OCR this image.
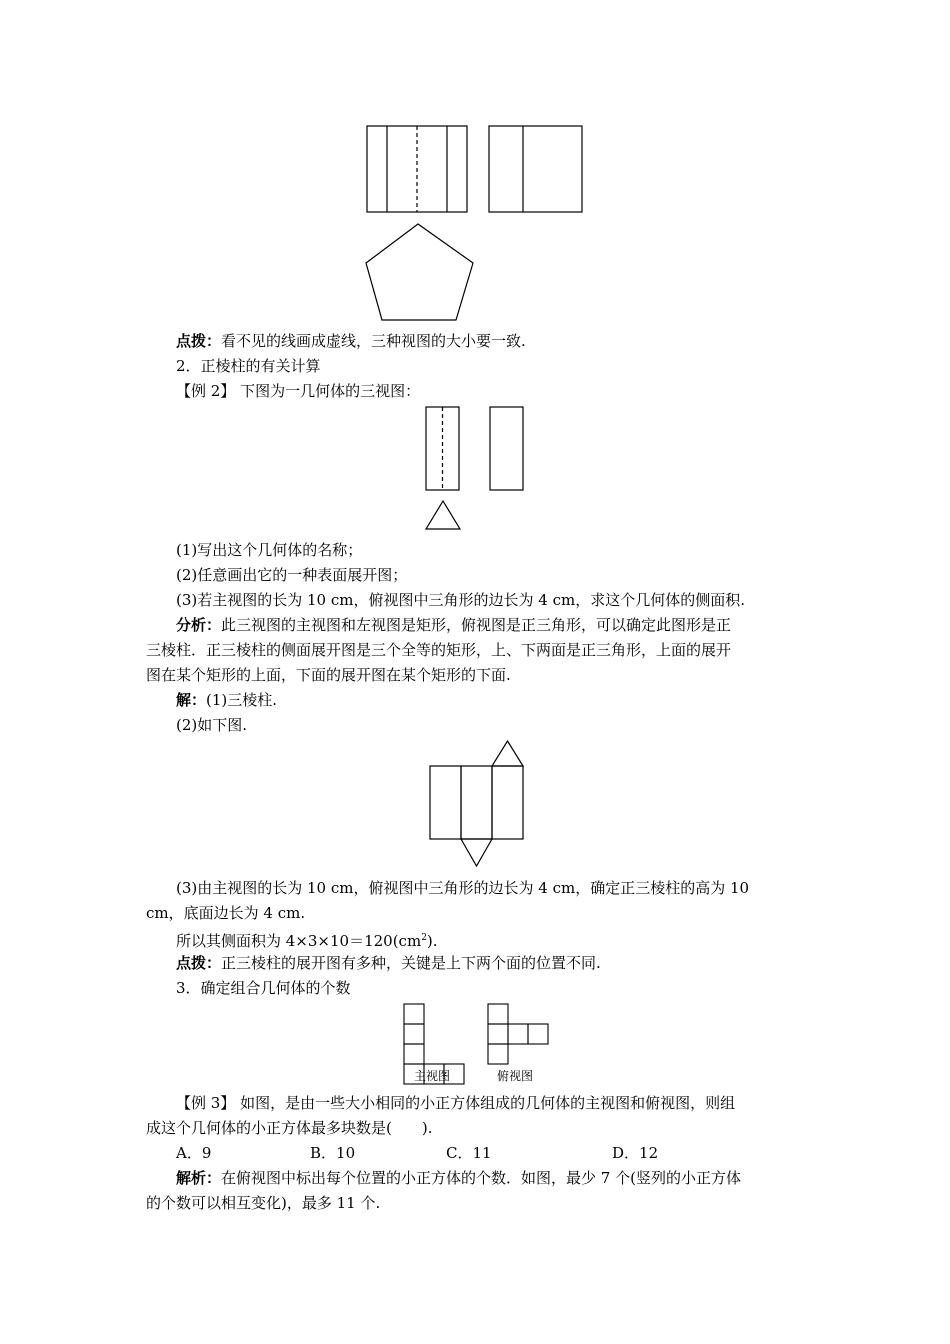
点拨：看不见的线画成虚线，三种视图的大小要一致.
2．正棱柱的有关计算
【例 2】 下图为一几何体的三视图：
(1)写出这个几何体的名称；
(2)任意画出它的一种表面展开图；
(3)若主视图的长为 10 cm，俯视图中三角形的边长为 4 cm，求这个几何体的侧面积.
分析：此三视图的主视图和左视图是矩形，俯视图是正三角形，可以确定此图形是正
三棱柱．正三棱柱的侧面展开图是三个全等的矩形，上、下两面是正三角形，上面的展开
图在某个矩形的上面，下面的展开图在某个矩形的下面.
解：(1)三棱柱.
(2)如下图.
(3)由主视图的长为 10 cm，俯视图中三角形的边长为 4 cm，确定正三棱柱的高为 10
cm，底面边长为 4 cm.
所以其侧面积为 $4\times 3\times 10=120(cm^2)$.
点拨：正三棱柱的展开图有多种，关键是上下两个面的位置不同.
3．确定组合几何体的个数
主视图	俯视图
【例 3】 如图，是由一些大小相同的小正方体组成的几何体的主视图和俯视图，则组
成这个几何体的小正方体最多块数是(　　).
A．9	B．10	C．11	D．12
解析：在俯视图中标出每个位置的小正方体的个数．如图，最少 7 个(竖列的小正方体
的个数可以相互变化)，最多 11 个.
